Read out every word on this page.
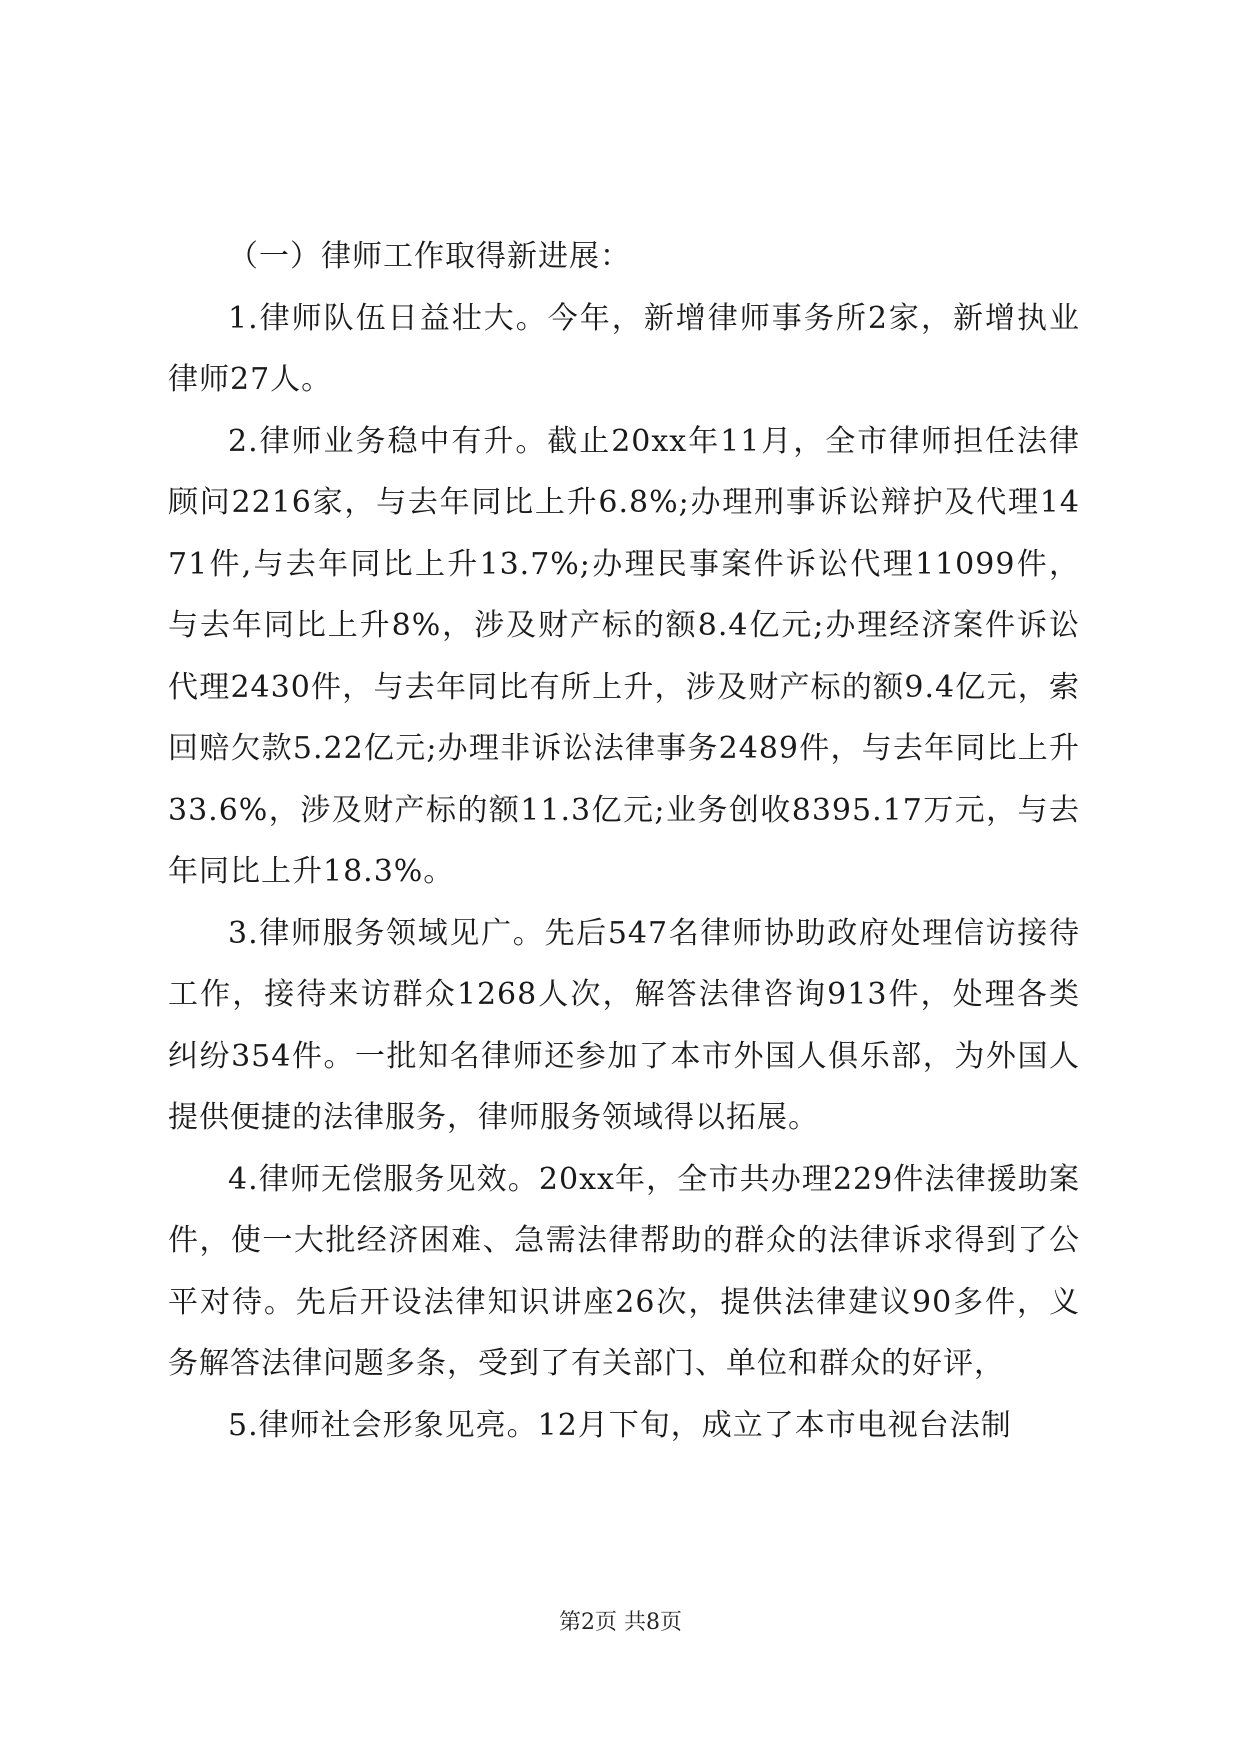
（一）律师工作取得新进展：

1.律师队伍日益壮大。今年，新增律师事务所2家，新增执业律师27人。

2.律师业务稳中有升。截止20xx年11月，全市律师担任法律顾问2216家，与去年同比上升6.8%;办理刑事诉讼辩护及代理1471件,与去年同比上升13.7%;办理民事案件诉讼代理11099件，与去年同比上升8%，涉及财产标的额8.4亿元;办理经济案件诉讼代理2430件，与去年同比有所上升，涉及财产标的额9.4亿元，索回赔欠款5.22亿元;办理非诉讼法律事务2489件，与去年同比上升33.6%，涉及财产标的额11.3亿元;业务创收8395.17万元，与去年同比上升18.3%。

3.律师服务领域见广。先后547名律师协助政府处理信访接待工作，接待来访群众1268人次，解答法律咨询913件，处理各类纠纷354件。一批知名律师还参加了本市外国人俱乐部，为外国人提供便捷的法律服务，律师服务领域得以拓展。

4.律师无偿服务见效。20xx年，全市共办理229件法律援助案件，使一大批经济困难、急需法律帮助的群众的法律诉求得到了公平对待。先后开设法律知识讲座26次，提供法律建议90多件，义务解答法律问题多条，受到了有关部门、单位和群众的好评，

5.律师社会形象见亮。12月下旬，成立了本市电视台法制

第2页 共8页
